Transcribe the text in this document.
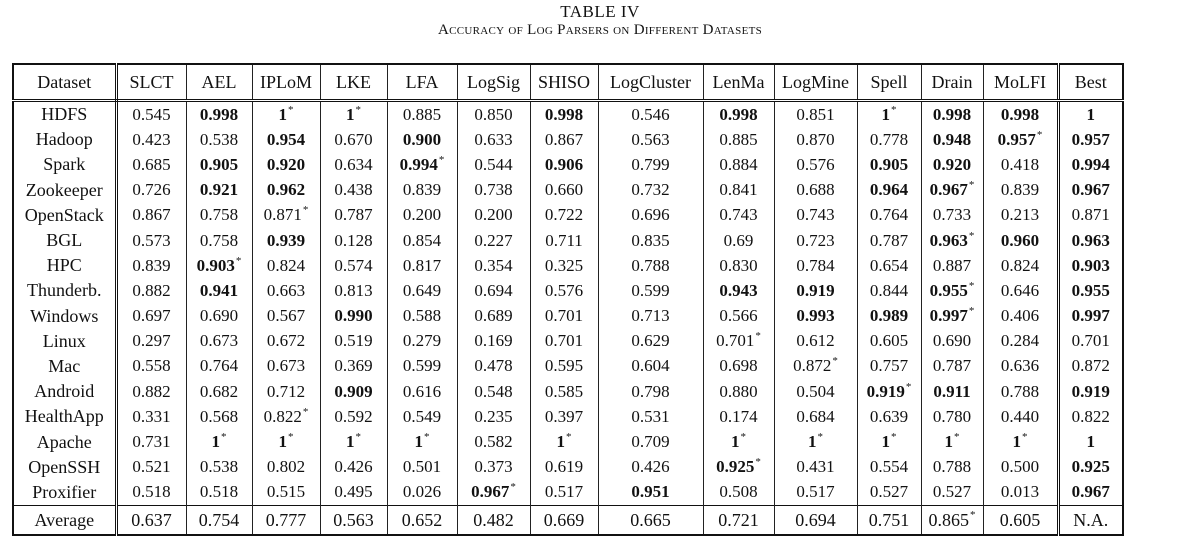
TABLE IV
Accuracy of Log Parsers on Different Datasets
Dataset	SLCT	AEL	IPLoM	LKE	LFA	LogSig	SHISO	LogCluster	LenMa	LogMine	Spell	Drain	MoLFI	Best
HDFS	0.545	0.998	1*	1*	0.885	0.850	0.998	0.546	0.998	0.851	1*	0.998	0.998	1
Hadoop	0.423	0.538	0.954	0.670	0.900	0.633	0.867	0.563	0.885	0.870	0.778	0.948	0.957*	0.957
Spark	0.685	0.905	0.920	0.634	0.994*	0.544	0.906	0.799	0.884	0.576	0.905	0.920	0.418	0.994
Zookeeper	0.726	0.921	0.962	0.438	0.839	0.738	0.660	0.732	0.841	0.688	0.964	0.967*	0.839	0.967
OpenStack	0.867	0.758	0.871*	0.787	0.200	0.200	0.722	0.696	0.743	0.743	0.764	0.733	0.213	0.871
BGL	0.573	0.758	0.939	0.128	0.854	0.227	0.711	0.835	0.69	0.723	0.787	0.963*	0.960	0.963
HPC	0.839	0.903*	0.824	0.574	0.817	0.354	0.325	0.788	0.830	0.784	0.654	0.887	0.824	0.903
Thunderb.	0.882	0.941	0.663	0.813	0.649	0.694	0.576	0.599	0.943	0.919	0.844	0.955*	0.646	0.955
Windows	0.697	0.690	0.567	0.990	0.588	0.689	0.701	0.713	0.566	0.993	0.989	0.997*	0.406	0.997
Linux	0.297	0.673	0.672	0.519	0.279	0.169	0.701	0.629	0.701*	0.612	0.605	0.690	0.284	0.701
Mac	0.558	0.764	0.673	0.369	0.599	0.478	0.595	0.604	0.698	0.872*	0.757	0.787	0.636	0.872
Android	0.882	0.682	0.712	0.909	0.616	0.548	0.585	0.798	0.880	0.504	0.919*	0.911	0.788	0.919
HealthApp	0.331	0.568	0.822*	0.592	0.549	0.235	0.397	0.531	0.174	0.684	0.639	0.780	0.440	0.822
Apache	0.731	1*	1*	1*	1*	0.582	1*	0.709	1*	1*	1*	1*	1*	1
OpenSSH	0.521	0.538	0.802	0.426	0.501	0.373	0.619	0.426	0.925*	0.431	0.554	0.788	0.500	0.925
Proxifier	0.518	0.518	0.515	0.495	0.026	0.967*	0.517	0.951	0.508	0.517	0.527	0.527	0.013	0.967
Average	0.637	0.754	0.777	0.563	0.652	0.482	0.669	0.665	0.721	0.694	0.751	0.865*	0.605	N.A.
